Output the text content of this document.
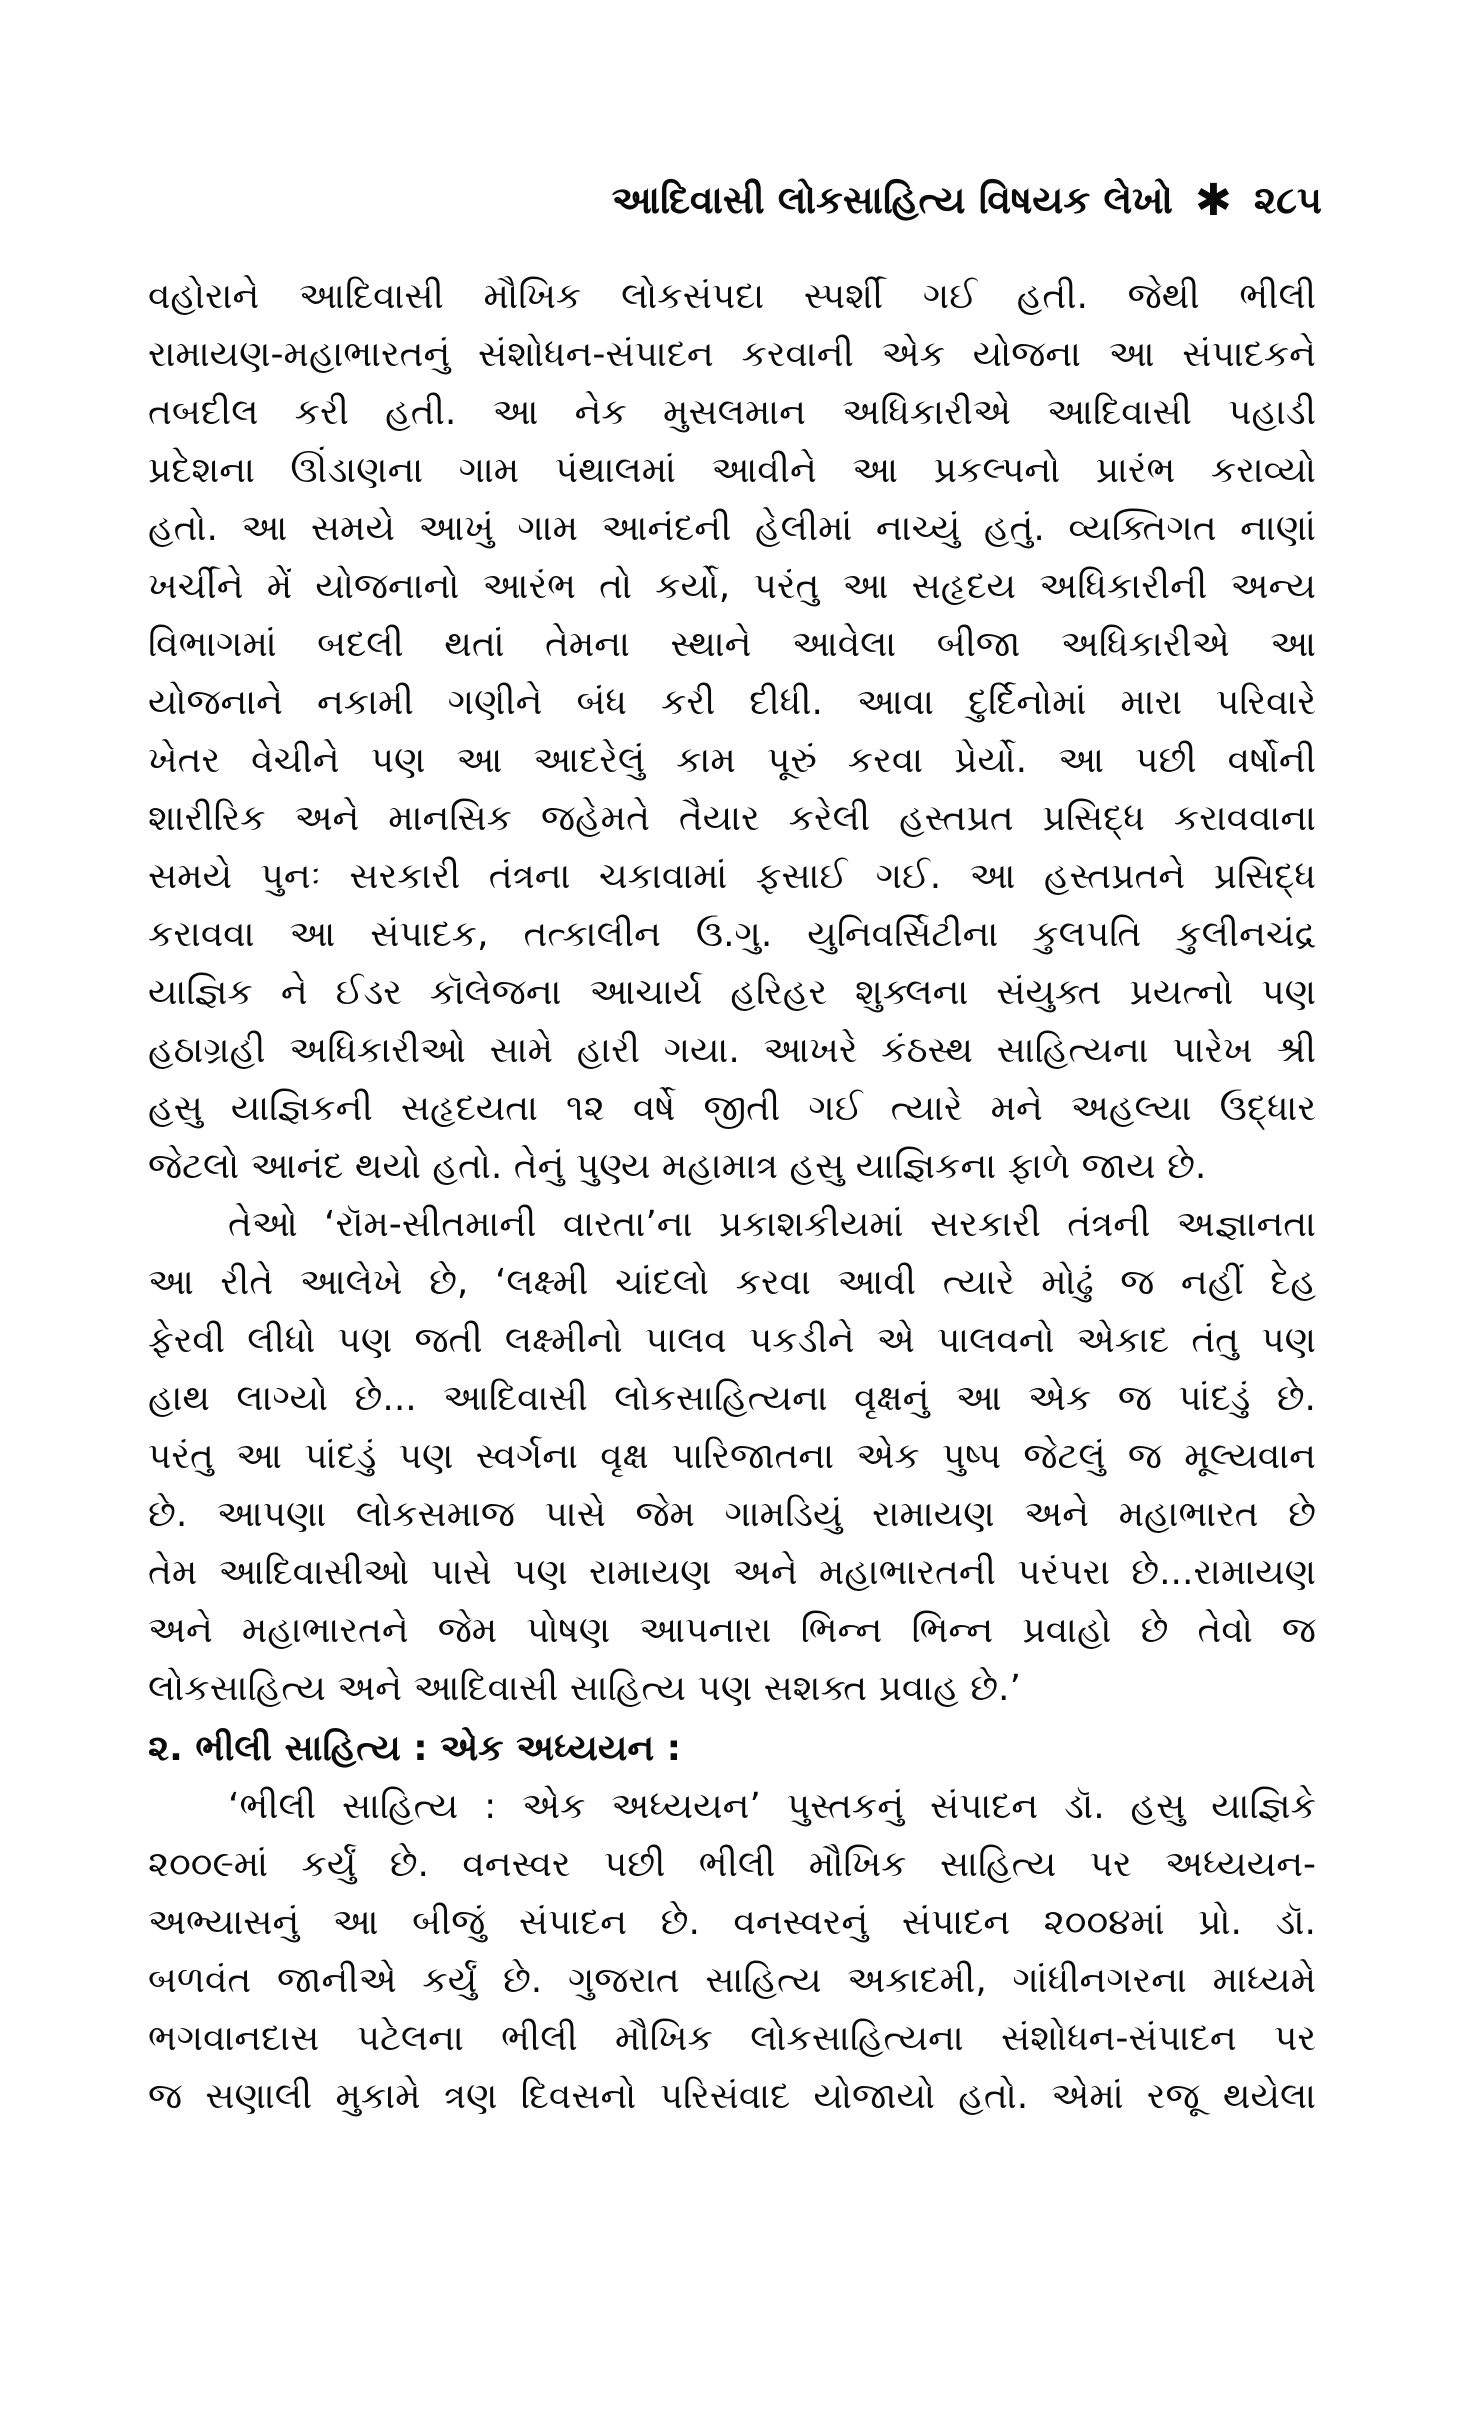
આદિવાસી લોકસાહિત્ય વિષયક લેખો ✱ ૨૮૫
વહોરાને આદિવાસી મૌખિક લોકસંપદા સ્પર્શી ગઈ હતી. જેથી ભીલી
રામાયણ-મહાભારતનું સંશોધન-સંપાદન કરવાની એક યોજના આ સંપાદકને
તબદીલ કરી હતી. આ નેક મુસલમાન અધિકારીએ આદિવાસી પહાડી
પ્રદેશના ઊંડાણના ગામ પંથાલમાં આવીને આ પ્રકલ્પનો પ્રારંભ કરાવ્યો
હતો. આ સમયે આખું ગામ આનંદની હેલીમાં નાચ્યું હતું. વ્યક્તિગત નાણાં
ખર્ચીને મેં યોજનાનો આરંભ તો કર્યો, પરંતુ આ સહૃદય અધિકારીની અન્ય
વિભાગમાં બદલી થતાં તેમના સ્થાને આવેલા બીજા અધિકારીએ આ
યોજનાને નકામી ગણીને બંધ કરી દીધી. આવા દુર્દિનોમાં મારા પરિવારે
ખેતર વેચીને પણ આ આદરેલું કામ પૂરું કરવા પ્રેર્યો. આ પછી વર્ષોની
શારીરિક અને માનસિક જહેમતે તૈયાર કરેલી હસ્તપ્રત પ્રસિદ્ધ કરાવવાના
સમયે પુનઃ સરકારી તંત્રના ચકાવામાં ફસાઈ ગઈ. આ હસ્તપ્રતને પ્રસિદ્ધ
કરાવવા આ સંપાદક, તત્કાલીન ઉ.ગુ. યુનિવર્સિટીના કુલપતિ કુલીનચંદ્ર
યાજ્ઞિક ને ઈડર કૉલેજના આચાર્ય હરિહર શુક્લના સંયુક્ત પ્રયત્નો પણ
હઠાગ્રહી અધિકારીઓ સામે હારી ગયા. આખરે કંઠસ્થ સાહિત્યના પારેખ શ્રી
હસુ યાજ્ઞિકની સહૃદયતા ૧૨ વર્ષે જીતી ગઈ ત્યારે મને અહલ્યા ઉદ્ધાર
જેટલો આનંદ થયો હતો. તેનું પુણ્ય મહામાત્ર હસુ યાજ્ઞિકના ફાળે જાય છે.
તેઓ ‘રૉમ-સીતમાની વારતા’ના પ્રકાશકીયમાં સરકારી તંત્રની અજ્ઞાનતા
આ રીતે આલેખે છે, ‘લક્ષ્મી ચાંદલો કરવા આવી ત્યારે મોઢું જ નહીં દેહ
ફેરવી લીધો પણ જતી લક્ષ્મીનો પાલવ પકડીને એ પાલવનો એકાદ તંતુ પણ
હાથ લાગ્યો છે... આદિવાસી લોકસાહિત્યના વૃક્ષનું આ એક જ પાંદડું છે.
પરંતુ આ પાંદડું પણ સ્વર્ગના વૃક્ષ પારિજાતના એક પુષ્પ જેટલું જ મૂલ્યવાન
છે. આપણા લોકસમાજ પાસે જેમ ગામડિયું રામાયણ અને મહાભારત છે
તેમ આદિવાસીઓ પાસે પણ રામાયણ અને મહાભારતની પરંપરા છે...રામાયણ
અને મહાભારતને જેમ પોષણ આપનારા ભિન્ન ભિન્ન પ્રવાહો છે તેવો જ
લોકસાહિત્ય અને આદિવાસી સાહિત્ય પણ સશક્ત પ્રવાહ છે.’
૨. ભીલી સાહિત્ય : એક અધ્યયન :
‘ભીલી સાહિત્ય : એક અધ્યયન’ પુસ્તકનું સંપાદન ડૉ. હસુ યાજ્ઞિકે
૨૦૦૯માં કર્યું છે. વનસ્વર પછી ભીલી મૌખિક સાહિત્ય પર અધ્યયન-
અભ્યાસનું આ બીજું સંપાદન છે. વનસ્વરનું સંપાદન ૨૦૦૪માં પ્રો. ડૉ.
બળવંત જાનીએ કર્યું છે. ગુજરાત સાહિત્ય અકાદમી, ગાંધીનગરના માધ્યમે
ભગવાનદાસ પટેલના ભીલી મૌખિક લોકસાહિત્યના સંશોધન-સંપાદન પર
જ સણાલી મુકામે ત્રણ દિવસનો પરિસંવાદ યોજાયો હતો. એમાં રજૂ થયેલા
